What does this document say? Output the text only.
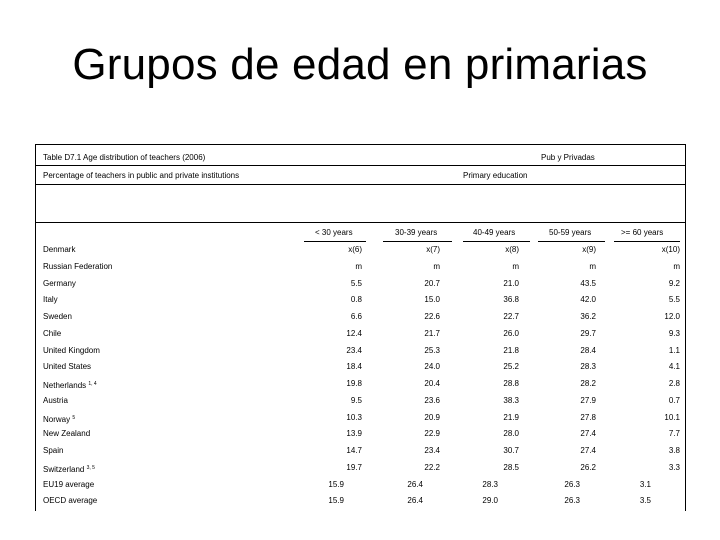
Grupos de edad en primarias
Table D7.1 Age distribution of teachers (2006)	Pub y Privadas
Percentage of teachers in public and private institutions	Primary education
< 30 years	30-39 years	40-49 years	50-59 years	>= 60 years
Denmark	x(6)	x(7)	x(8)	x(9)	x(10)
Russian Federation	m	m	m	m	m
Germany	5.5	20.7	21.0	43.5	9.2
Italy	0.8	15.0	36.8	42.0	5.5
Sweden	6.6	22.6	22.7	36.2	12.0
Chile	12.4	21.7	26.0	29.7	9.3
United Kingdom	23.4	25.3	21.8	28.4	1.1
United States	18.4	24.0	25.2	28.3	4.1
Netherlands $^{1, 4}$	19.8	20.4	28.8	28.2	2.8
Austria	9.5	23.6	38.3	27.9	0.7
Norway $^5$	10.3	20.9	21.9	27.8	10.1
New Zealand	13.9	22.9	28.0	27.4	7.7
Spain	14.7	23.4	30.7	27.4	3.8
Switzerland $^{3, 5}$	19.7	22.2	28.5	26.2	3.3
EU19 average	15.9	26.4	28.3	26.3	3.1
OECD average	15.9	26.4	29.0	26.3	3.5
